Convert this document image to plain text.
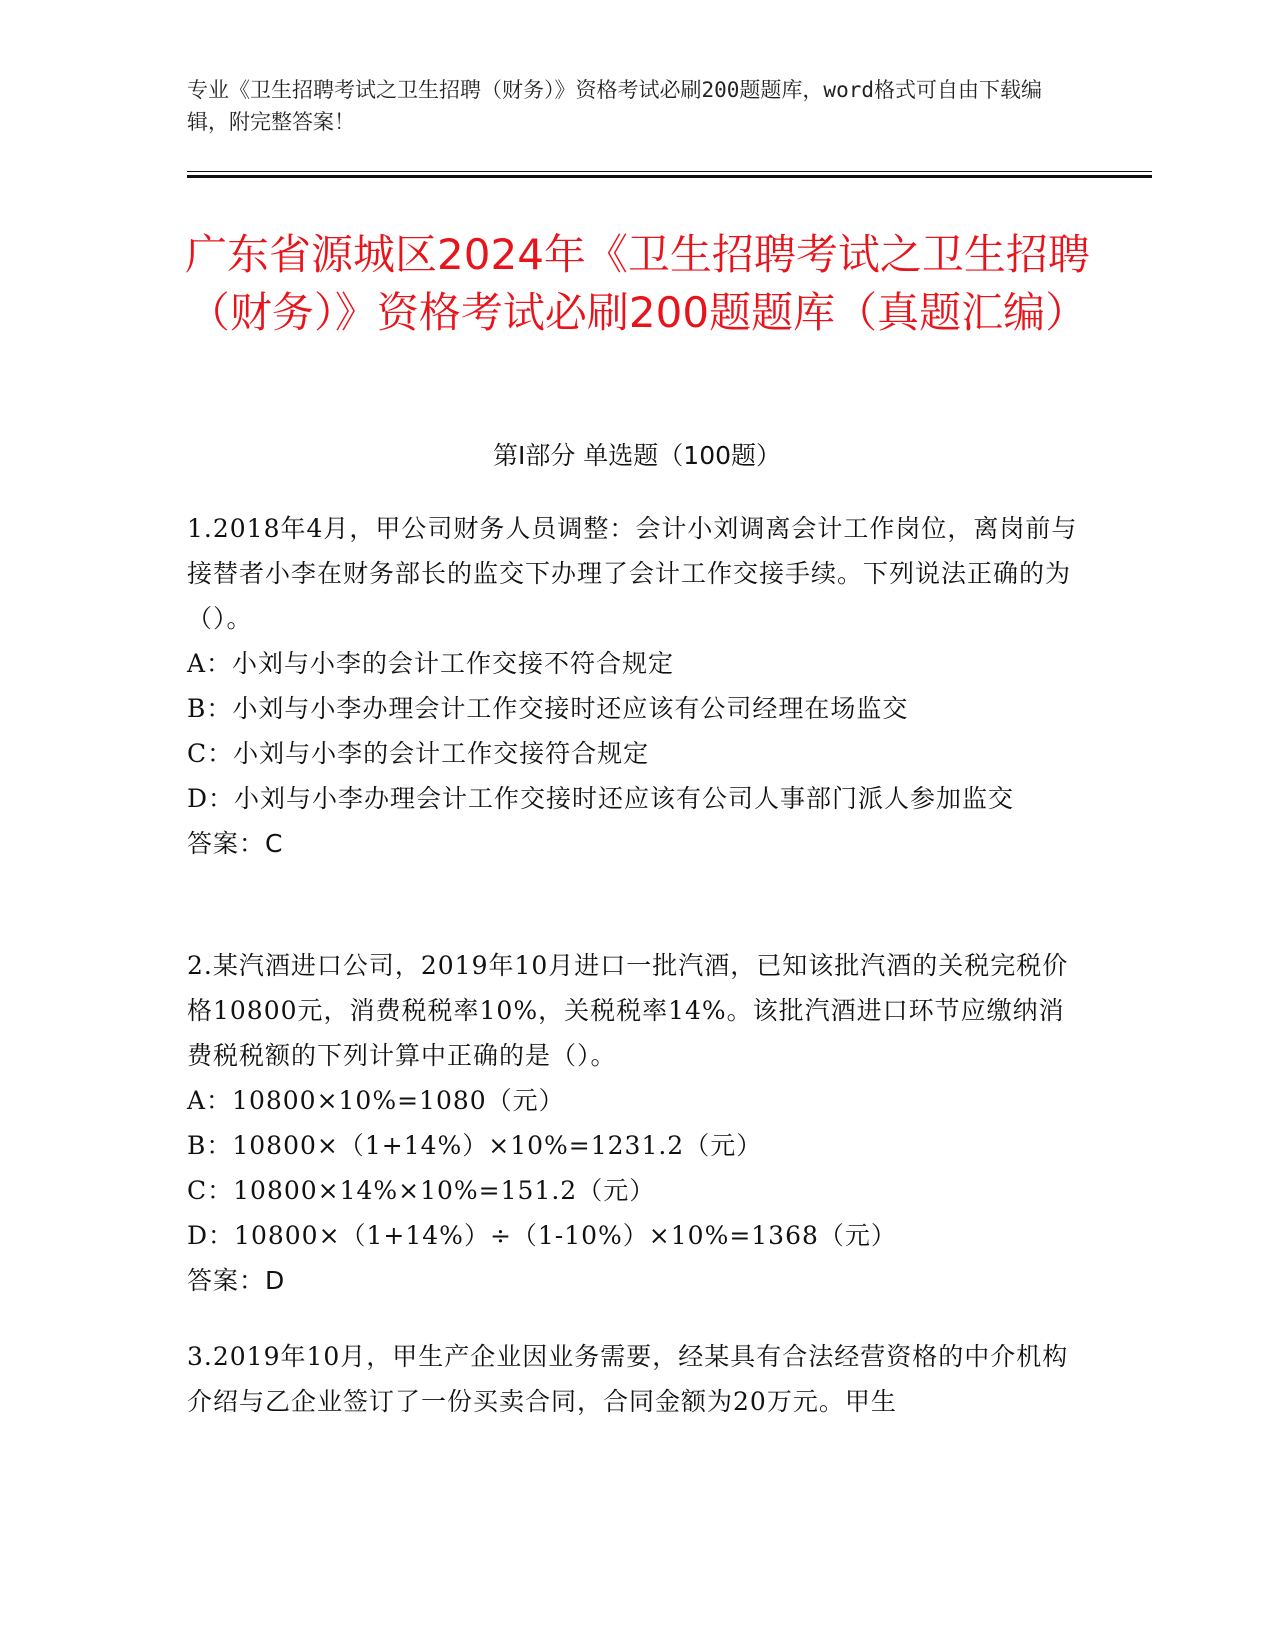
专业《卫生招聘考试之卫生招聘（财务）》资格考试必刷200题题库，word格式可自由下载编辑，附完整答案！
广东省源城区2024年《卫生招聘考试之卫生招聘（财务）》资格考试必刷200题题库（真题汇编）
第Ⅰ部分 单选题（100题）

1.2018年4月，甲公司财务人员调整：会计小刘调离会计工作岗位，离岗前与接替者小李在财务部长的监交下办理了会计工作交接手续。下列说法正确的为（）。

A：小刘与小李的会计工作交接不符合规定

B：小刘与小李办理会计工作交接时还应该有公司经理在场监交

C：小刘与小李的会计工作交接符合规定

D：小刘与小李办理会计工作交接时还应该有公司人事部门派人参加监交

答案：C

2.某汽酒进口公司，2019年10月进口一批汽酒，已知该批汽酒的关税完税价格10800元，消费税税率10%，关税税率14%。该批汽酒进口环节应缴纳消费税税额的下列计算中正确的是（）。

A：10800×10%=1080（元）

B：10800×（1+14%）×10%=1231.2（元）

C：10800×14%×10%=151.2（元）

D：10800×（1+14%）÷（1-10%）×10%=1368（元）

答案：D

3.2019年10月，甲生产企业因业务需要，经某具有合法经营资格的中介机构介绍与乙企业签订了一份买卖合同，合同金额为20万元。甲生
